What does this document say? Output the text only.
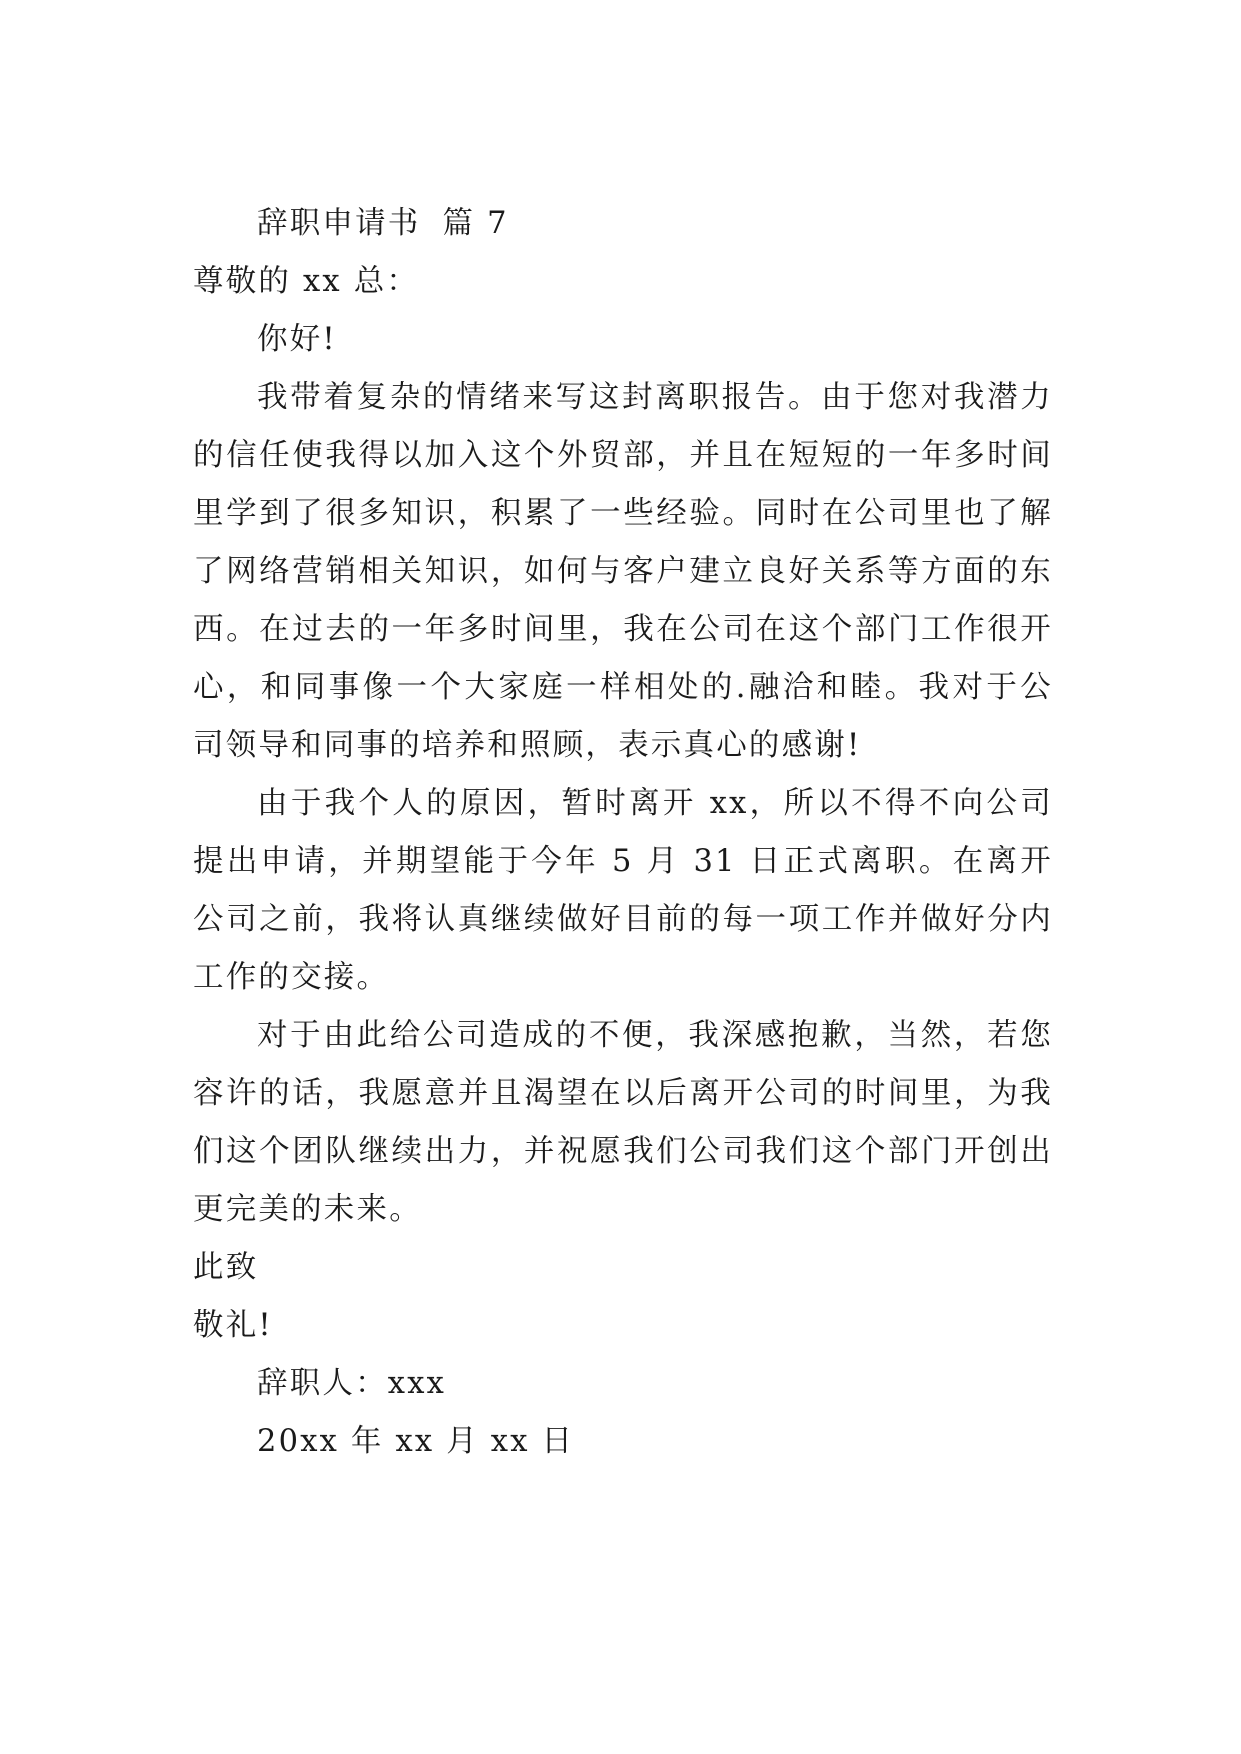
辞职申请书 篇 7

尊敬的 xx 总：

你好!

我带着复杂的情绪来写这封离职报告。由于您对我潜力的信任使我得以加入这个外贸部，并且在短短的一年多时间里学到了很多知识，积累了一些经验。同时在公司里也了解了网络营销相关知识，如何与客户建立良好关系等方面的东西。在过去的一年多时间里，我在公司在这个部门工作很开心，和同事像一个大家庭一样相处的.融洽和睦。我对于公司领导和同事的培养和照顾，表示真心的感谢!

由于我个人的原因，暂时离开 xx，所以不得不向公司提出申请，并期望能于今年 5 月 31 日正式离职。在离开公司之前，我将认真继续做好目前的每一项工作并做好分内工作的交接。

对于由此给公司造成的不便，我深感抱歉，当然，若您容许的话，我愿意并且渴望在以后离开公司的时间里，为我们这个团队继续出力，并祝愿我们公司我们这个部门开创出更完美的未来。

此致

敬礼!

辞职人：xxx

20xx 年 xx 月 xx 日
